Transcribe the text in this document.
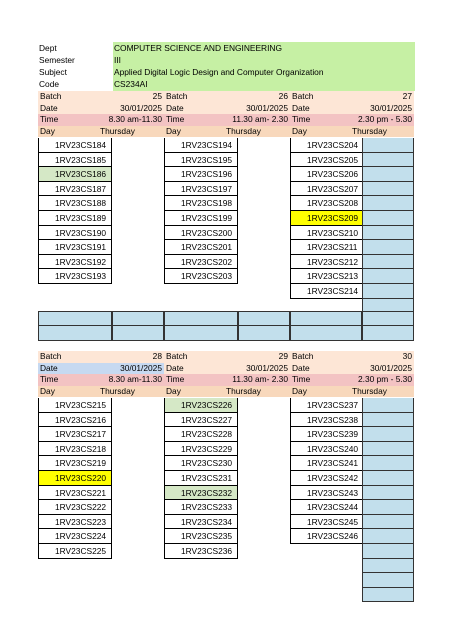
Dept	COMPUTER SCIENCE AND ENGINEERING
Semester	III
Subject	Applied Digital Logic Design and Computer Organization
Code	CS234AI
Batch	25
Date	30/01/2025
Time	8.30 am-11.30
Day	Thursday
1RV23CS184
1RV23CS185
1RV23CS186
1RV23CS187
1RV23CS188
1RV23CS189
1RV23CS190
1RV23CS191
1RV23CS192
1RV23CS193
Batch	26
Date	30/01/2025
Time	11.30 am- 2.30
Day	Thursday
1RV23CS194
1RV23CS195
1RV23CS196
1RV23CS197
1RV23CS198
1RV23CS199
1RV23CS200
1RV23CS201
1RV23CS202
1RV23CS203
Batch	27
Date	30/01/2025
Time	2.30 pm - 5.30
Day	Thursday
1RV23CS204
1RV23CS205
1RV23CS206
1RV23CS207
1RV23CS208
1RV23CS209
1RV23CS210
1RV23CS211
1RV23CS212
1RV23CS213
1RV23CS214
Batch	28
Date	30/01/2025
Time	8.30 am-11.30
Day	Thursday
1RV23CS215
1RV23CS216
1RV23CS217
1RV23CS218
1RV23CS219
1RV23CS220
1RV23CS221
1RV23CS222
1RV23CS223
1RV23CS224
1RV23CS225
Batch	29
Date	30/01/2025
Time	11.30 am- 2.30
Day	Thursday
1RV23CS226
1RV23CS227
1RV23CS228
1RV23CS229
1RV23CS230
1RV23CS231
1RV23CS232
1RV23CS233
1RV23CS234
1RV23CS235
1RV23CS236
Batch	30
Date	30/01/2025
Time	2.30 pm - 5.30
Day	Thursday
1RV23CS237
1RV23CS238
1RV23CS239
1RV23CS240
1RV23CS241
1RV23CS242
1RV23CS243
1RV23CS244
1RV23CS245
1RV23CS246
